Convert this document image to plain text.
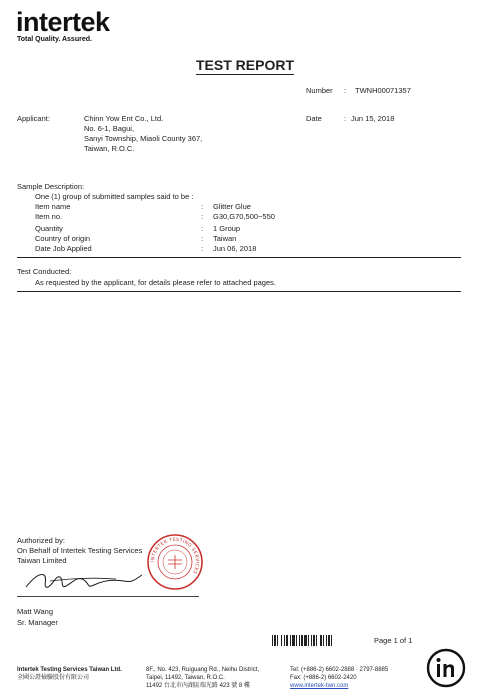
intertek
Total Quality. Assured.
TEST REPORT
Number : TWNH00071357
Date	: Jun 15, 2018
Applicant:	Chinn Yow Ent Co., Ltd.
No. 6-1, Bagui,
Sanyi Township, Miaoli County 367,
Taiwan, R.O.C.
Sample Description:
One (1) group of submitted samples said to be :
Item name	: Glitter Glue
Item no.	: G30,G70,500~550
Quantity	: 1 Group
Country of origin	: Taiwan
Date Job Applied	: Jun 06, 2018
Test Conducted:
As requested by the applicant, for details please refer to attached pages.
Authorized by:
On Behalf of Intertek Testing Services
Taiwan Limited
Matt Wang
Sr. Manager
INTERTEK TESTING SERVICES
Page 1 of 1
Intertek Testing Services Taiwan Ltd.
全國公證檢驗股份有限公司
8F., No. 423, Ruiguang Rd., Neihu District,
Taipei, 11492, Taiwan, R.O.C.
11492 台北市內湖區瑞光路 423 號 8 樓
Tel: (+886-2) 6602-2888 · 2797-8885
Fax: (+886-2) 6602-2420
www.intertek-twn.com
